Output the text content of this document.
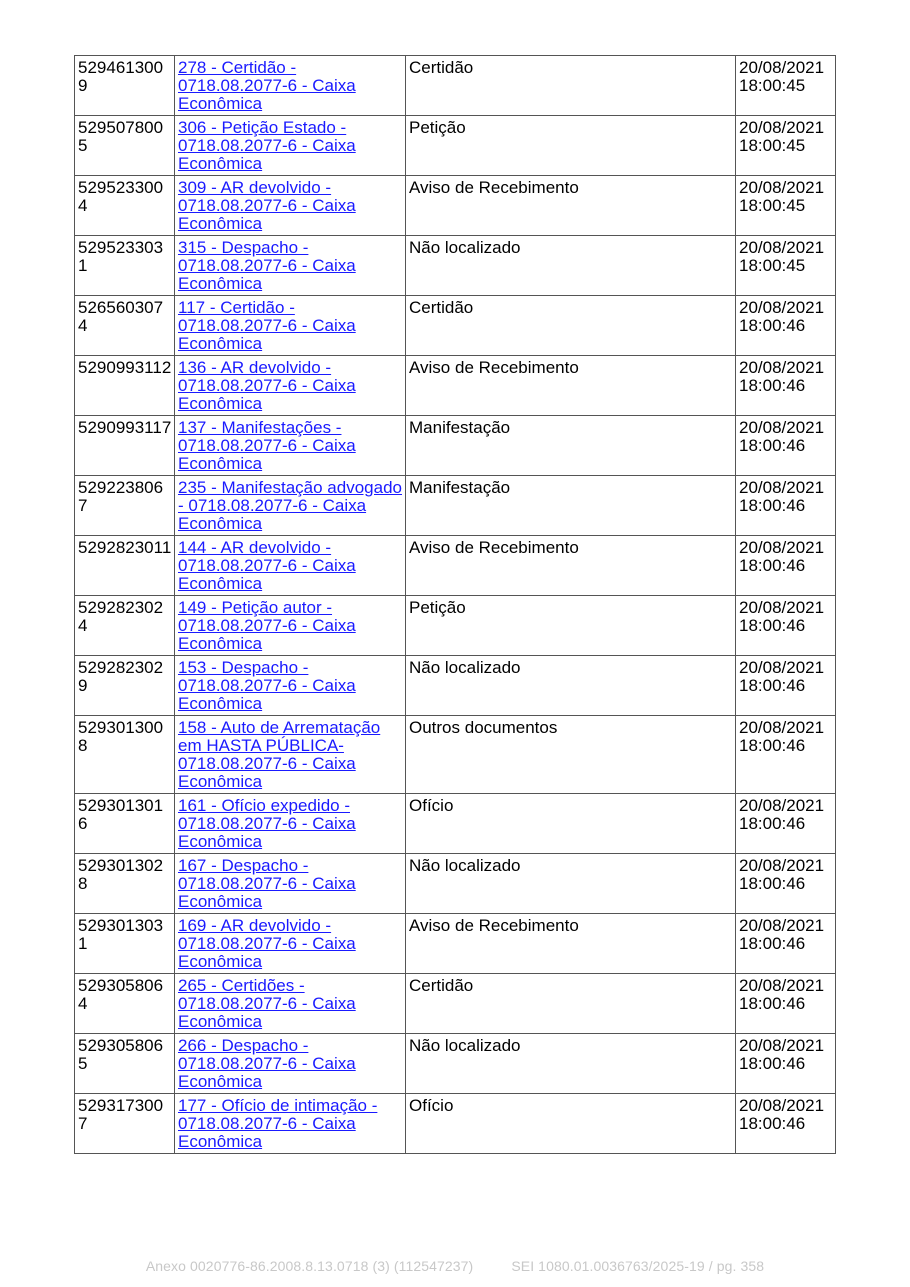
5294613009	278 - Certidão - 0718.08.2077-6 - Caixa Econômica	Certidão	20/08/2021 18:00:45
5295078005	306 - Petição Estado - 0718.08.2077-6 - Caixa Econômica	Petição	20/08/2021 18:00:45
5295233004	309 - AR devolvido - 0718.08.2077-6 - Caixa Econômica	Aviso de Recebimento	20/08/2021 18:00:45
5295233031	315 - Despacho - 0718.08.2077-6 - Caixa Econômica	Não localizado	20/08/2021 18:00:45
5265603074	117 - Certidão - 0718.08.2077-6 - Caixa Econômica	Certidão	20/08/2021 18:00:46
5290993112	136 - AR devolvido - 0718.08.2077-6 - Caixa Econômica	Aviso de Recebimento	20/08/2021 18:00:46
5290993117	137 - Manifestações - 0718.08.2077-6 - Caixa Econômica	Manifestação	20/08/2021 18:00:46
5292238067	235 - Manifestação advogado - 0718.08.2077-6 - Caixa Econômica	Manifestação	20/08/2021 18:00:46
5292823011	144 - AR devolvido - 0718.08.2077-6 - Caixa Econômica	Aviso de Recebimento	20/08/2021 18:00:46
5292823024	149 - Petição autor - 0718.08.2077-6 - Caixa Econômica	Petição	20/08/2021 18:00:46
5292823029	153 - Despacho - 0718.08.2077-6 - Caixa Econômica	Não localizado	20/08/2021 18:00:46
5293013008	158 - Auto de Arrematação em HASTA PÚBLICA- 0718.08.2077-6 - Caixa Econômica	Outros documentos	20/08/2021 18:00:46
5293013016	161 - Ofício expedido - 0718.08.2077-6 - Caixa Econômica	Ofício	20/08/2021 18:00:46
5293013028	167 - Despacho - 0718.08.2077-6 - Caixa Econômica	Não localizado	20/08/2021 18:00:46
5293013031	169 - AR devolvido - 0718.08.2077-6 - Caixa Econômica	Aviso de Recebimento	20/08/2021 18:00:46
5293058064	265 - Certidões - 0718.08.2077-6 - Caixa Econômica	Certidão	20/08/2021 18:00:46
5293058065	266 - Despacho - 0718.08.2077-6 - Caixa Econômica	Não localizado	20/08/2021 18:00:46
5293173007	177 - Ofício de intimação - 0718.08.2077-6 - Caixa Econômica	Ofício	20/08/2021 18:00:46
Anexo 0020776-86.2008.8.13.0718 (3) (112547237)	SEI 1080.01.0036763/2025-19 / pg. 358
